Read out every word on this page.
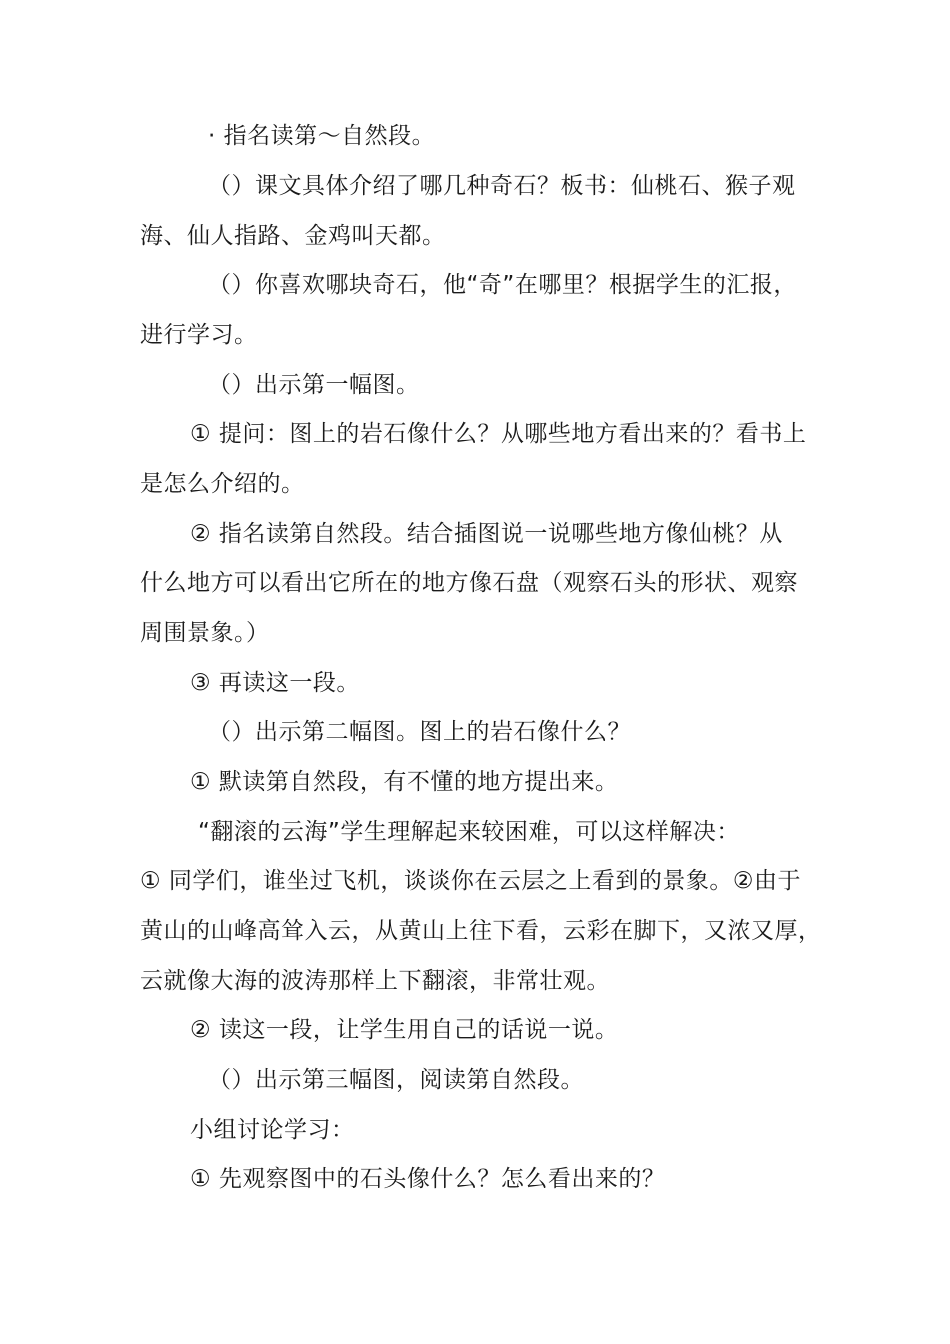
· 指名读第〜自然段。
（）课文具体介绍了哪几种奇石？板书：仙桃石、猴子观
海、仙人指路、金鸡叫天都。
（）你喜欢哪块奇石，他“奇”在哪里？根据学生的汇报，
进行学习。
（）出示第一幅图。
① 提问：图上的岩石像什么？从哪些地方看出来的？看书上
是怎么介绍的。
② 指名读第自然段。结合插图说一说哪些地方像仙桃？从
什么地方可以看出它所在的地方像石盘（观察石头的形状、观察
周围景象。）
③ 再读这一段。
（）出示第二幅图。图上的岩石像什么？
① 默读第自然段，有不懂的地方提出来。
“翻滚的云海”学生理解起来较困难，可以这样解决：
① 同学们，谁坐过飞机，谈谈你在云层之上看到的景象。②由于
黄山的山峰高耸入云，从黄山上往下看，云彩在脚下，又浓又厚，
云就像大海的波涛那样上下翻滚，非常壮观。
② 读这一段，让学生用自己的话说一说。
（）出示第三幅图，阅读第自然段。
小组讨论学习：
① 先观察图中的石头像什么？怎么看出来的？
